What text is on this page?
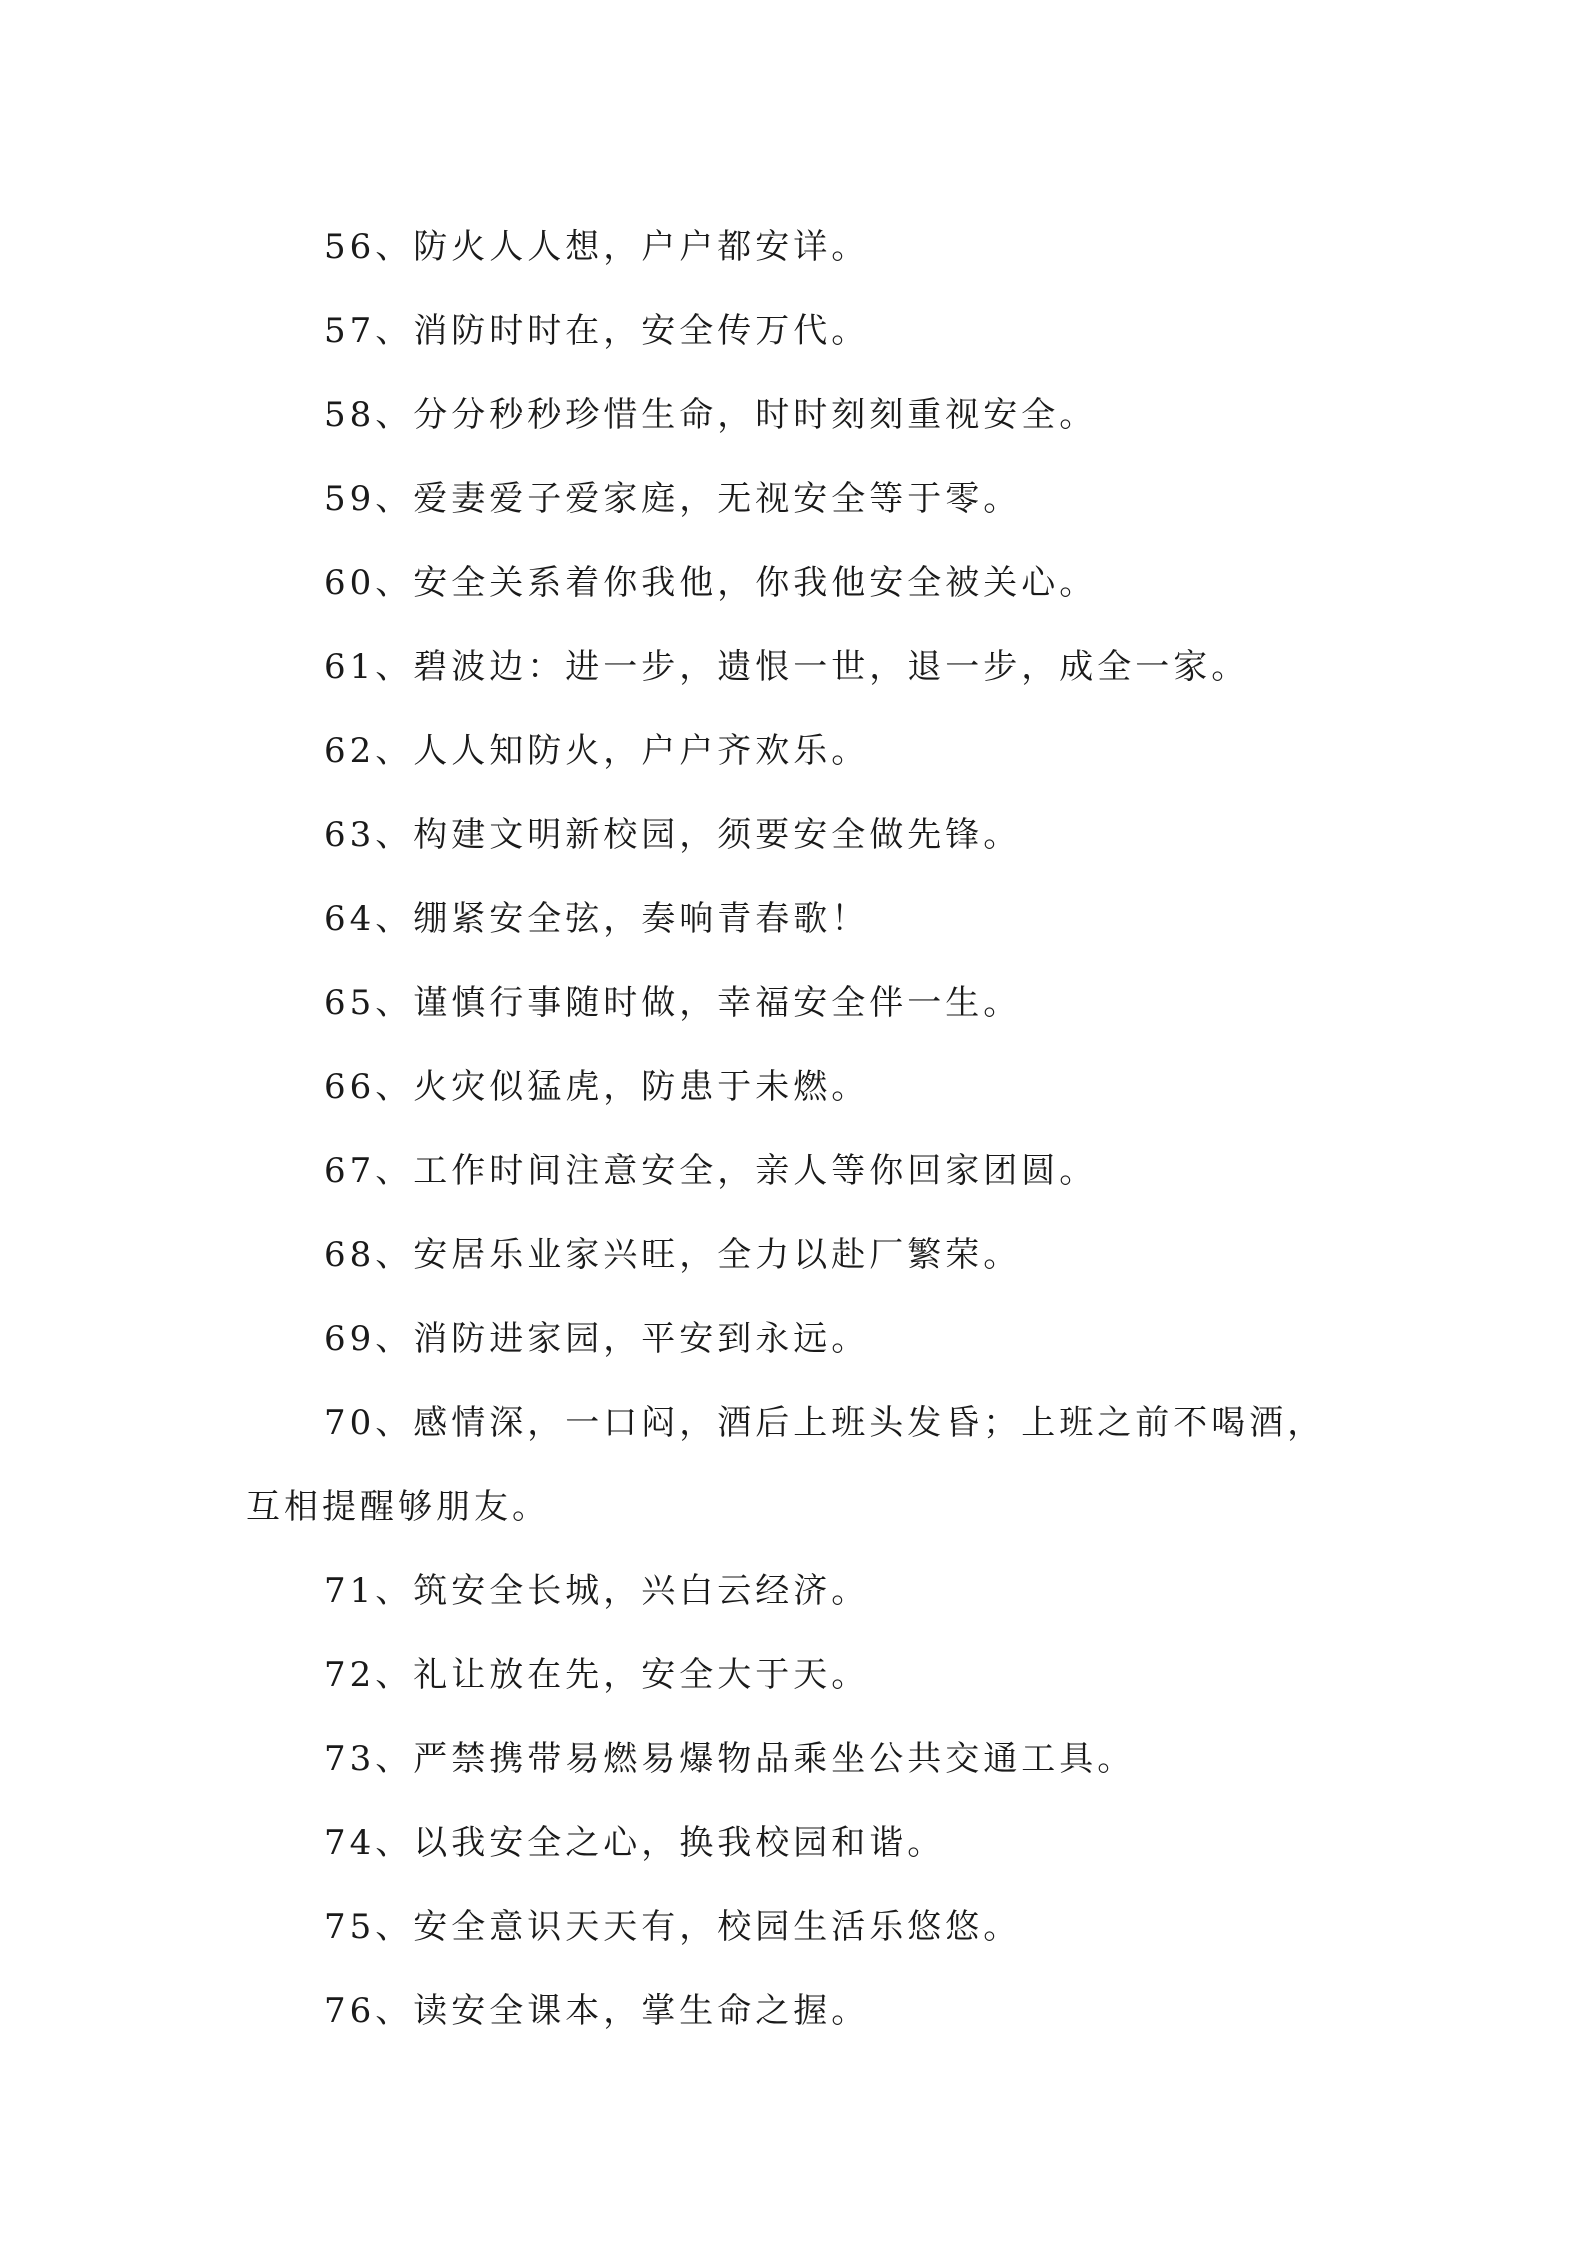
56、防火人人想，户户都安详。
57、消防时时在，安全传万代。
58、分分秒秒珍惜生命，时时刻刻重视安全。
59、爱妻爱子爱家庭，无视安全等于零。
60、安全关系着你我他，你我他安全被关心。
61、碧波边：进一步，遗恨一世，退一步，成全一家。
62、人人知防火，户户齐欢乐。
63、构建文明新校园，须要安全做先锋。
64、绷紧安全弦，奏响青春歌！
65、谨慎行事随时做，幸福安全伴一生。
66、火灾似猛虎，防患于未燃。
67、工作时间注意安全，亲人等你回家团圆。
68、安居乐业家兴旺，全力以赴厂繁荣。
69、消防进家园，平安到永远。
70、感情深，一口闷，酒后上班头发昏；上班之前不喝酒，
互相提醒够朋友。
71、筑安全长城，兴白云经济。
72、礼让放在先，安全大于天。
73、严禁携带易燃易爆物品乘坐公共交通工具。
74、以我安全之心，换我校园和谐。
75、安全意识天天有，校园生活乐悠悠。
76、读安全课本，掌生命之握。
